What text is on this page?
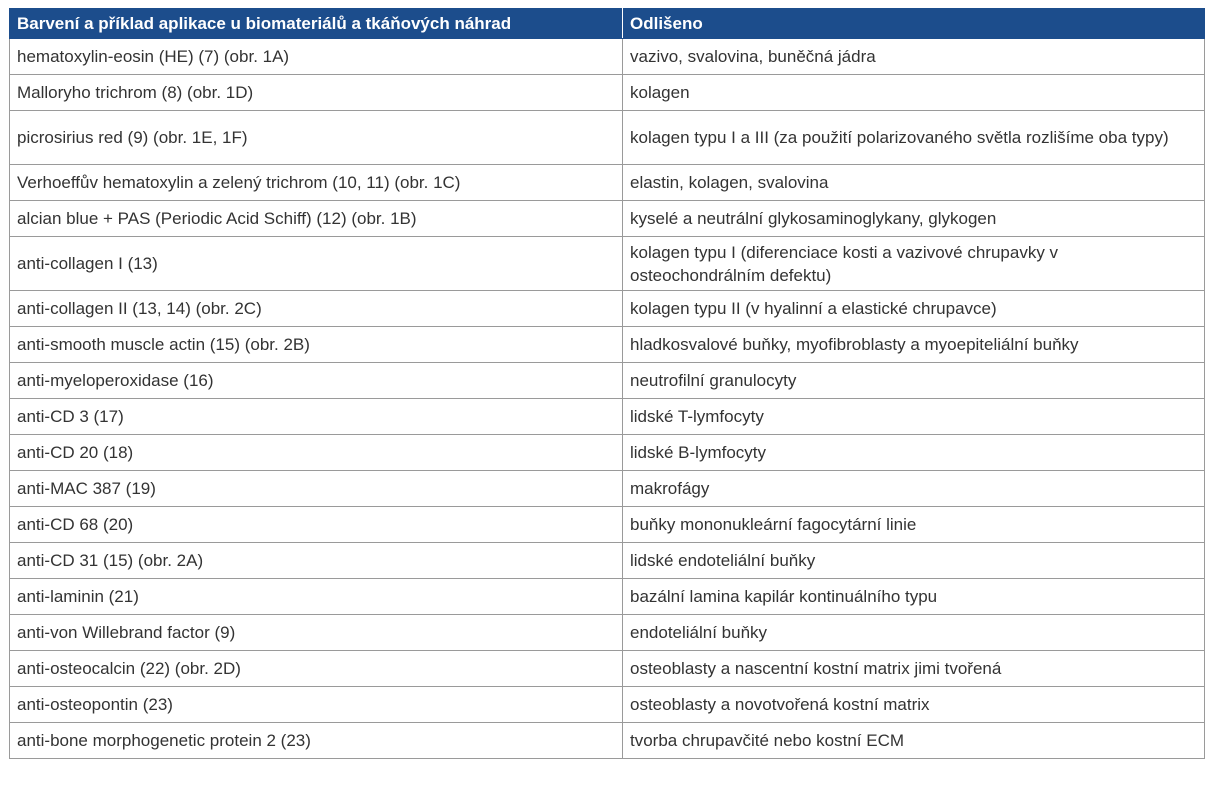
Barvení a příklad aplikace u biomateriálů a tkáňových náhrad	Odlišeno
hematoxylin-eosin (HE) (7) (obr. 1A)	vazivo, svalovina, buněčná jádra
Malloryho trichrom (8) (obr. 1D)	kolagen
picrosirius red (9) (obr. 1E, 1F)	kolagen typu I a III (za použití polarizovaného světla rozlišíme oba typy)
Verhoeffův hematoxylin a zelený trichrom (10, 11) (obr. 1C)	elastin, kolagen, svalovina
alcian blue + PAS (Periodic Acid Schiff) (12) (obr. 1B)	kyselé a neutrální glykosaminoglykany, glykogen
anti-collagen I (13)	kolagen typu I (diferenciace kosti a vazivové chrupavky v osteochondrálním defektu)
anti-collagen II (13, 14) (obr. 2C)	kolagen typu II (v hyalinní a elastické chrupavce)
anti-smooth muscle actin (15) (obr. 2B)	hladkosvalové buňky, myofibroblasty a myoepiteliální buňky
anti-myeloperoxidase (16)	neutrofilní granulocyty
anti-CD 3 (17)	lidské T-lymfocyty
anti-CD 20 (18)	lidské B-lymfocyty
anti-MAC 387 (19)	makrofágy
anti-CD 68 (20)	buňky mononukleární fagocytární linie
anti-CD 31 (15) (obr. 2A)	lidské endoteliální buňky
anti-laminin (21)	bazální lamina kapilár kontinuálního typu
anti-von Willebrand factor (9)	endoteliální buňky
anti-osteocalcin (22) (obr. 2D)	osteoblasty a nascentní kostní matrix jimi tvořená
anti-osteopontin (23)	osteoblasty a novotvořená kostní matrix
anti-bone morphogenetic protein 2 (23)	tvorba chrupavčité nebo kostní ECM
